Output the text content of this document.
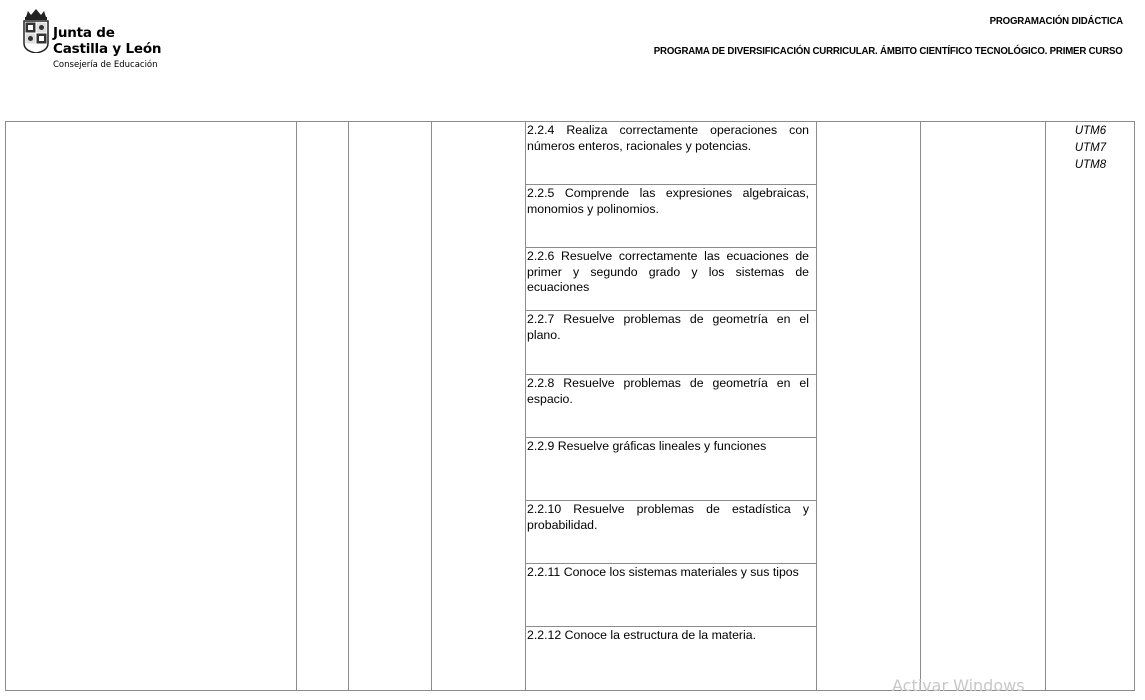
Junta de
Castilla y León
Consejería de Educación
PROGRAMACIÓN DIDÁCTICA
PROGRAMA DE DIVERSIFICACIÓN CURRICULAR. ÁMBITO CIENTÍFICO TECNOLÓGICO. PRIMER CURSO
2.2.4 Realiza correctamente operaciones con números enteros, racionales y potencias.
2.2.5 Comprende las expresiones algebraicas, monomios y polinomios.
2.2.6 Resuelve correctamente las ecuaciones de primer y segundo grado y los sistemas de ecuaciones
2.2.7 Resuelve problemas de geometría en el plano.
2.2.8 Resuelve problemas de geometría en el espacio.
2.2.9 Resuelve gráficas lineales y funciones
2.2.10 Resuelve problemas de estadística y probabilidad.
2.2.11 Conoce los sistemas materiales y sus tipos
2.2.12 Conoce la estructura de la materia.
UTM6
UTM7
UTM8
Activar Windows
